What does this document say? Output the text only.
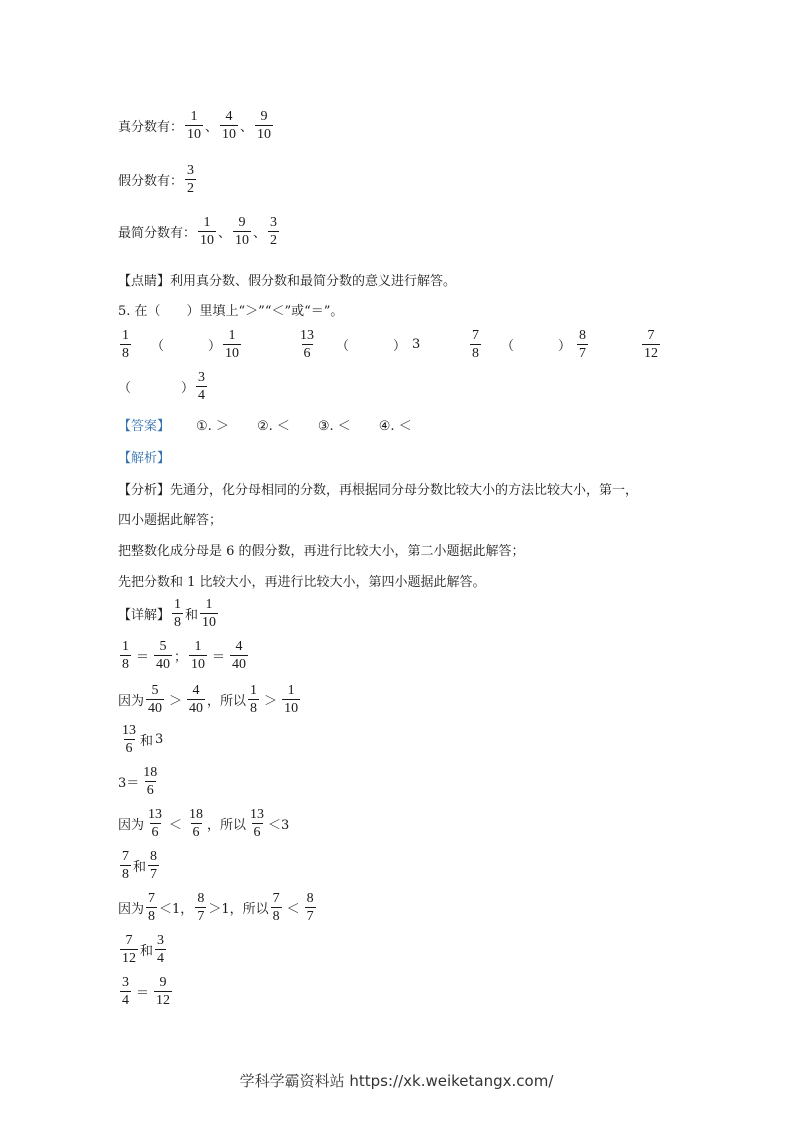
真分数有： $\frac{1}{10}$ 、 $\frac{4}{10}$ 、 $\frac{9}{10}$
假分数有： $\frac{3}{2}$
最简分数有： $\frac{1}{10}$ 、 $\frac{9}{10}$ 、 $\frac{3}{2}$
【点睛】利用真分数、假分数和最简分数的意义进行解答。
5. 在（　　）里填上“＞”“＜”或“＝”。
$\frac{1}{8}$ （	） $\frac{1}{10}$	$\frac{13}{6}$ （	） 3	$\frac{7}{8}$ （	） $\frac{8}{7}$	$\frac{7}{12}$
（	） $\frac{3}{4}$
【答案】 ①. ＞ ②. ＜ ③. ＜ ④. ＜
【解析】
【分析】先通分，化分母相同的分数，再根据同分母分数比较大小的方法比较大小，第一，
四小题据此解答；
把整数化成分母是 6 的假分数，再进行比较大小，第二小题据此解答；
先把分数和 1 比较大小，再进行比较大小，第四小题据此解答。
【详解】 $\frac{1}{8}$ 和 $\frac{1}{10}$
$\frac{1}{8} = \frac{5}{40}$ ； $\frac{1}{10} = \frac{4}{40}$
因为 $\frac{5}{40} > \frac{4}{40}$ ，所以 $\frac{1}{8} > \frac{1}{10}$
$\frac{13}{6}$ 和 3
$3= \frac{18}{6}$
因为 $\frac{13}{6} < \frac{18}{6}$ ，所以 $\frac{13}{6} <3$
$\frac{7}{8}$ 和 $\frac{8}{7}$
因为 $\frac{7}{8} <1$ ， $\frac{8}{7} >1$ ，所以 $\frac{7}{8} < \frac{8}{7}$
$\frac{7}{12}$ 和 $\frac{3}{4}$
$\frac{3}{4} = \frac{9}{12}$
学科学霸资料站 https://xk.weiketangx.com/
